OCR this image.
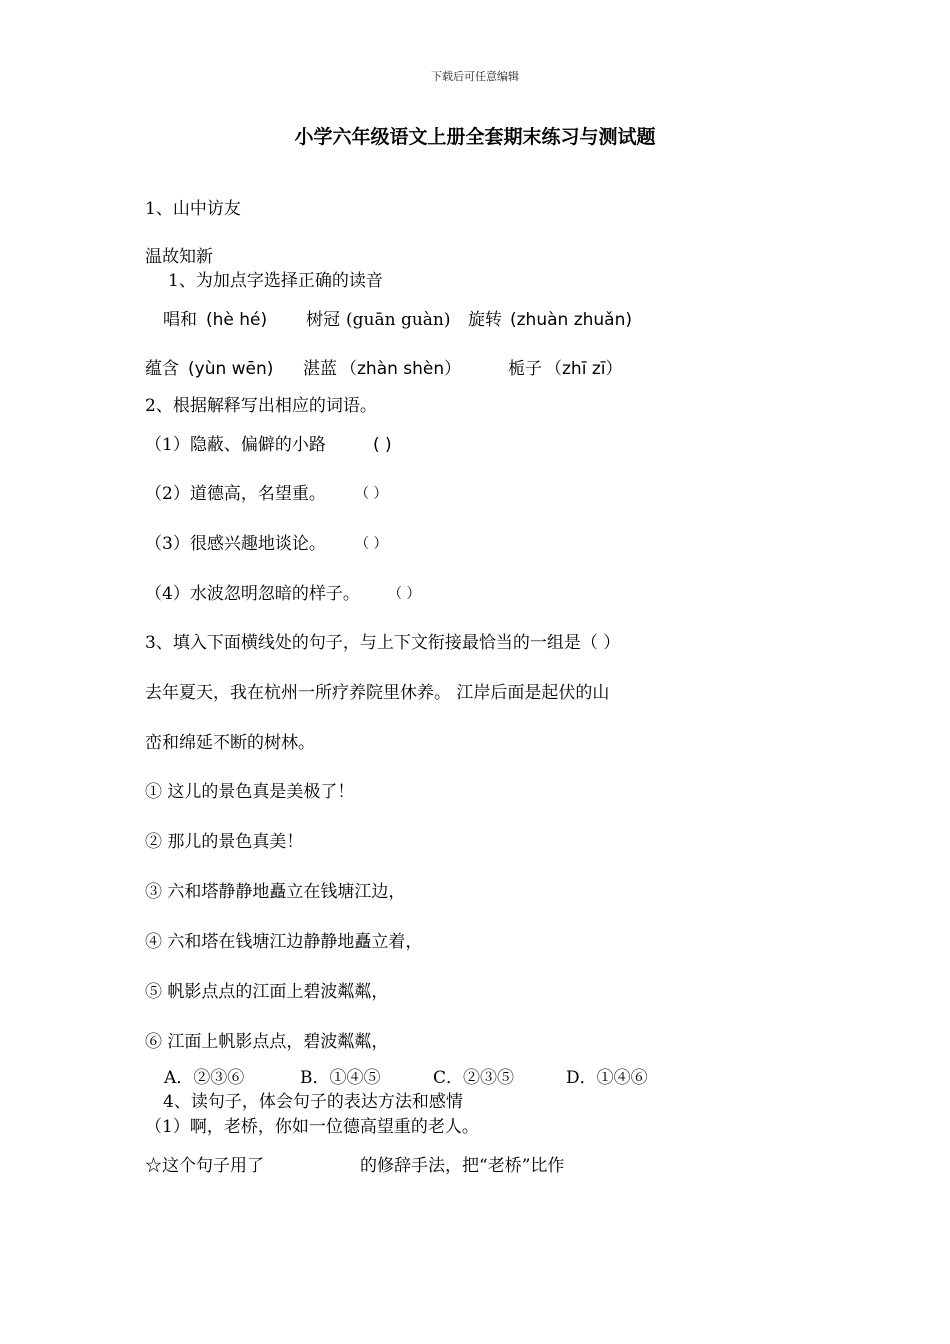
下载后可任意编辑
小学六年级语文上册全套期末练习与测试题
1、山中访友
温故知新
1、为加点字选择正确的读音
唱和 (hè hé) 树冠 (guān guàn) 旋转 (zhuàn zhuǎn)
蕴含 (yùn wēn) 湛蓝 （zhàn shèn）	栀子 （zhī zī）
2、根据解释写出相应的词语。
（1）隐蔽、偏僻的小路	( )
（2）道德高，名望重。 （ ）
（3）很感兴趣地谈论。 （ ）
（4）水波忽明忽暗的样子。 （ ）
3、填入下面横线处的句子，与上下文衔接最恰当的一组是（ ）
去年夏天，我在杭州一所疗养院里休养。 江岸后面是起伏的山
峦和绵延不断的树林。
① 这儿的景色真是美极了！
② 那儿的景色真美！
③ 六和塔静静地矗立在钱塘江边，
④ 六和塔在钱塘江边静静地矗立着，
⑤ 帆影点点的江面上碧波粼粼，
⑥ 江面上帆影点点，碧波粼粼，
A．②③⑥	B．①④⑤	C．②③⑤	D．①④⑥
4、读句子，体会句子的表达方法和感情
（1）啊，老桥，你如一位德高望重的老人。
☆这个句子用了	的修辞手法，把“老桥”比作
